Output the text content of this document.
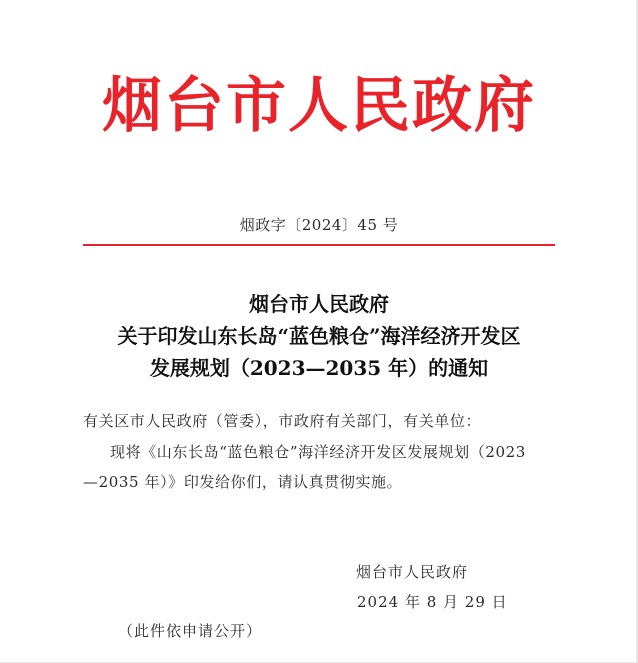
烟台市人民政府
烟政字〔2024〕45 号
烟台市人民政府
关于印发山东长岛“蓝色粮仓”海洋经济开发区
发展规划（2023—2035 年）的通知
有关区市人民政府（管委），市政府有关部门，有关单位：
现将《山东长岛“蓝色粮仓”海洋经济开发区发展规划（2023
—2035 年）》印发给你们，请认真贯彻实施。
烟台市人民政府
2024 年 8 月 29 日
（此件依申请公开）
